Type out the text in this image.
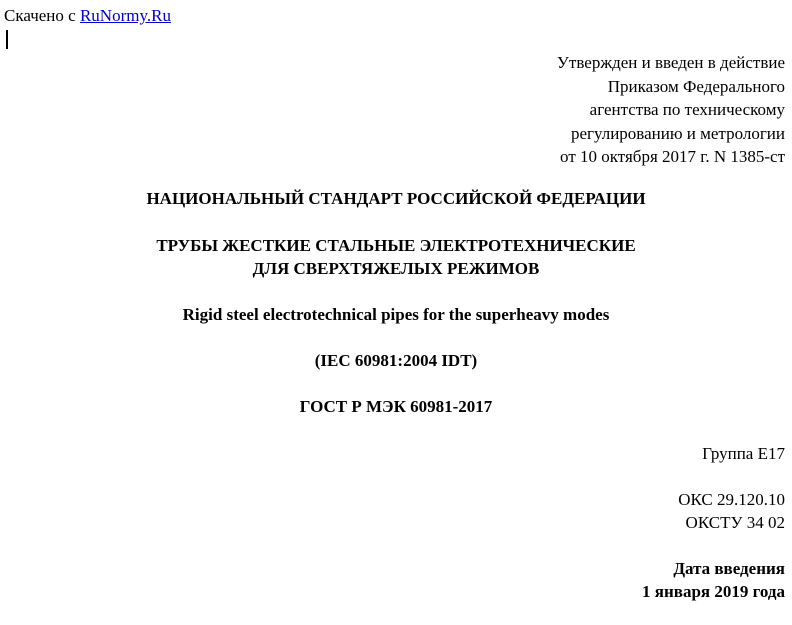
Скачено с RuNormy.Ru
Утвержден и введен в действие
Приказом Федерального
агентства по техническому
регулированию и метрологии
от 10 октября 2017 г. N 1385-ст
НАЦИОНАЛЬНЫЙ СТАНДАРТ РОССИЙСКОЙ ФЕДЕРАЦИИ
ТРУБЫ ЖЕСТКИЕ СТАЛЬНЫЕ ЭЛЕКТРОТЕХНИЧЕСКИЕ
ДЛЯ СВЕРХТЯЖЕЛЫХ РЕЖИМОВ
Rigid steel electrotechnical pipes for the superheavy modes
(IEC 60981:2004 IDT)
ГОСТ Р МЭК 60981-2017
Группа Е17
ОКС 29.120.10
ОКСТУ 34 02
Дата введения
1 января 2019 года
